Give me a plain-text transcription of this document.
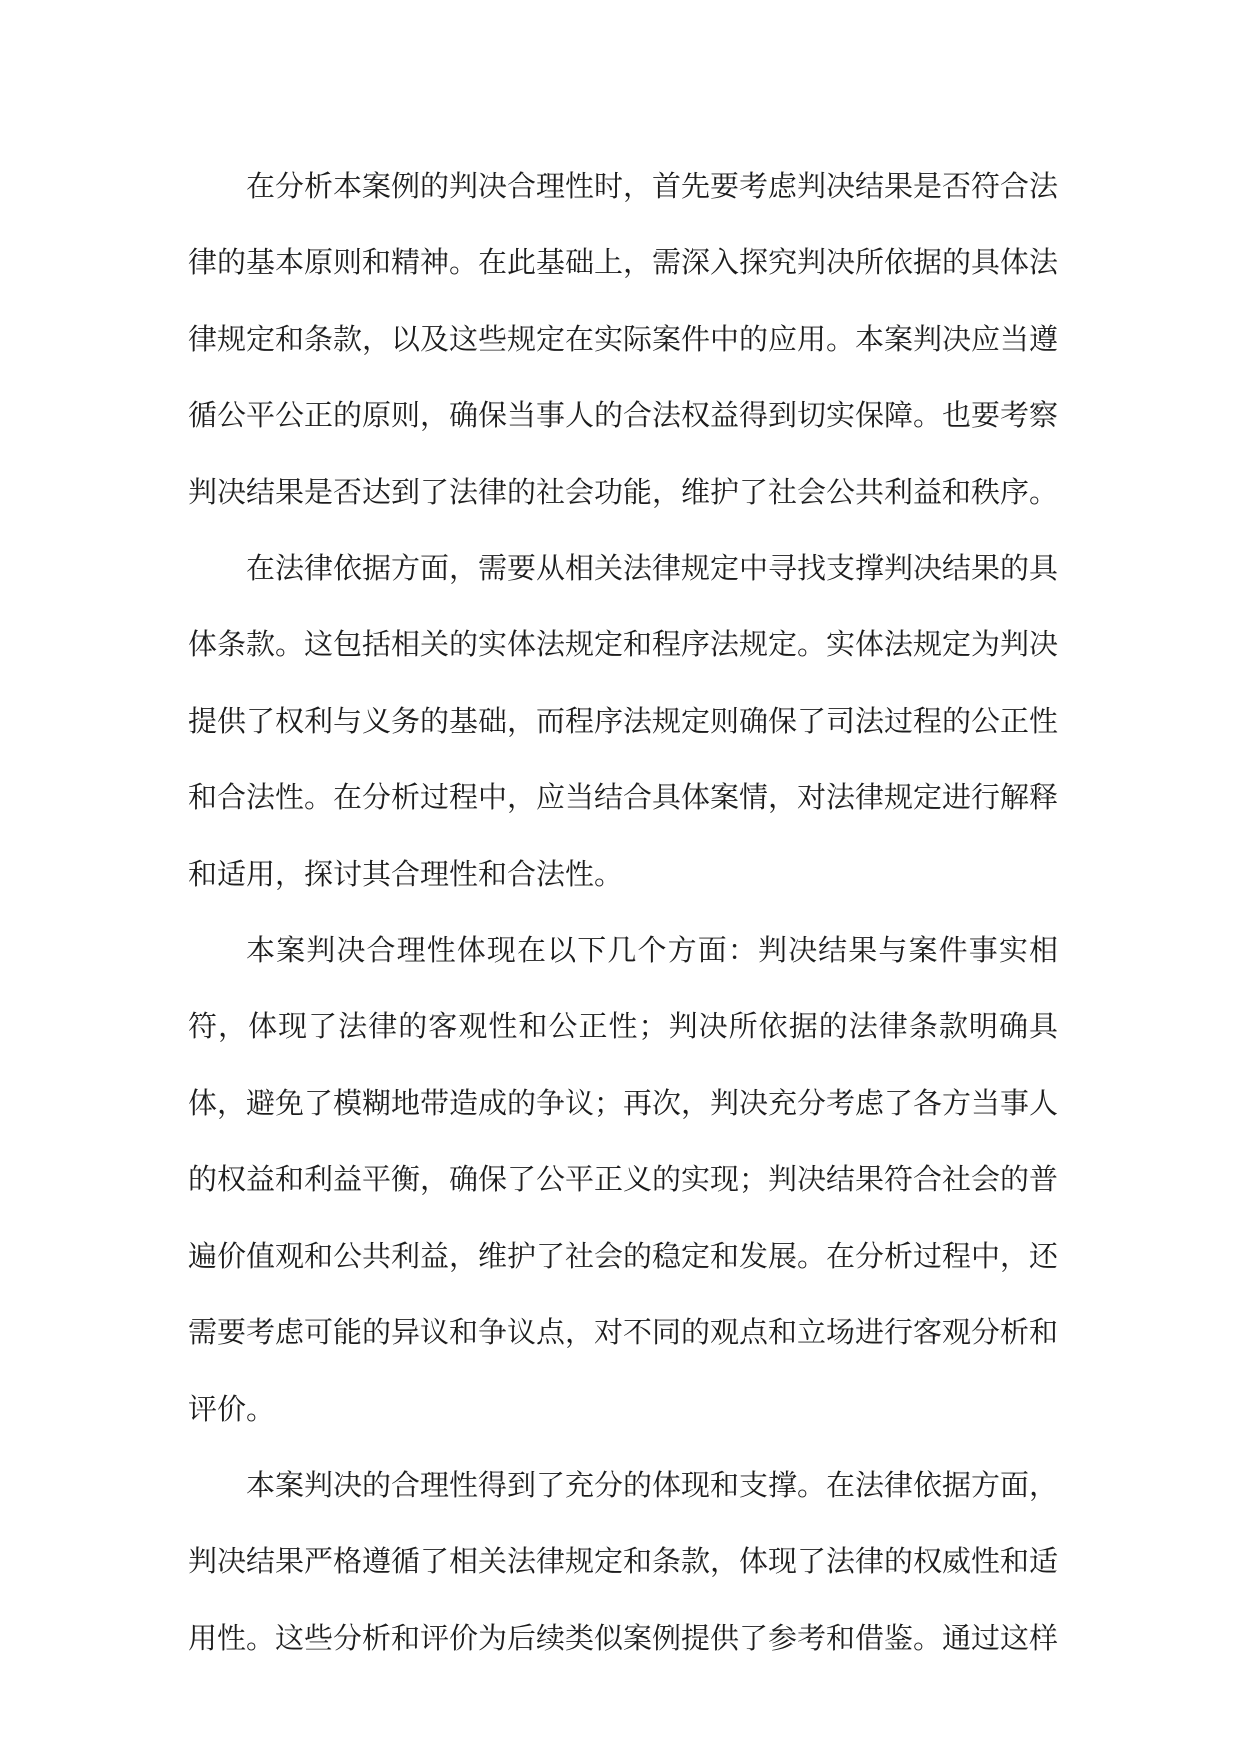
在分析本案例的判决合理性时，首先要考虑判决结果是否符合法律的基本原则和精神。在此基础上，需深入探究判决所依据的具体法律规定和条款，以及这些规定在实际案件中的应用。本案判决应当遵循公平公正的原则，确保当事人的合法权益得到切实保障。也要考察判决结果是否达到了法律的社会功能，维护了社会公共利益和秩序。

在法律依据方面，需要从相关法律规定中寻找支撑判决结果的具体条款。这包括相关的实体法规定和程序法规定。实体法规定为判决提供了权利与义务的基础，而程序法规定则确保了司法过程的公正性和合法性。在分析过程中，应当结合具体案情，对法律规定进行解释和适用，探讨其合理性和合法性。

本案判决合理性体现在以下几个方面：判决结果与案件事实相符，体现了法律的客观性和公正性；判决所依据的法律条款明确具体，避免了模糊地带造成的争议；再次，判决充分考虑了各方当事人的权益和利益平衡，确保了公平正义的实现；判决结果符合社会的普遍价值观和公共利益，维护了社会的稳定和发展。在分析过程中，还需要考虑可能的异议和争议点，对不同的观点和立场进行客观分析和评价。

本案判决的合理性得到了充分的体现和支撑。在法律依据方面，判决结果严格遵循了相关法律规定和条款，体现了法律的权威性和适用性。这些分析和评价为后续类似案例提供了参考和借鉴。通过这样
